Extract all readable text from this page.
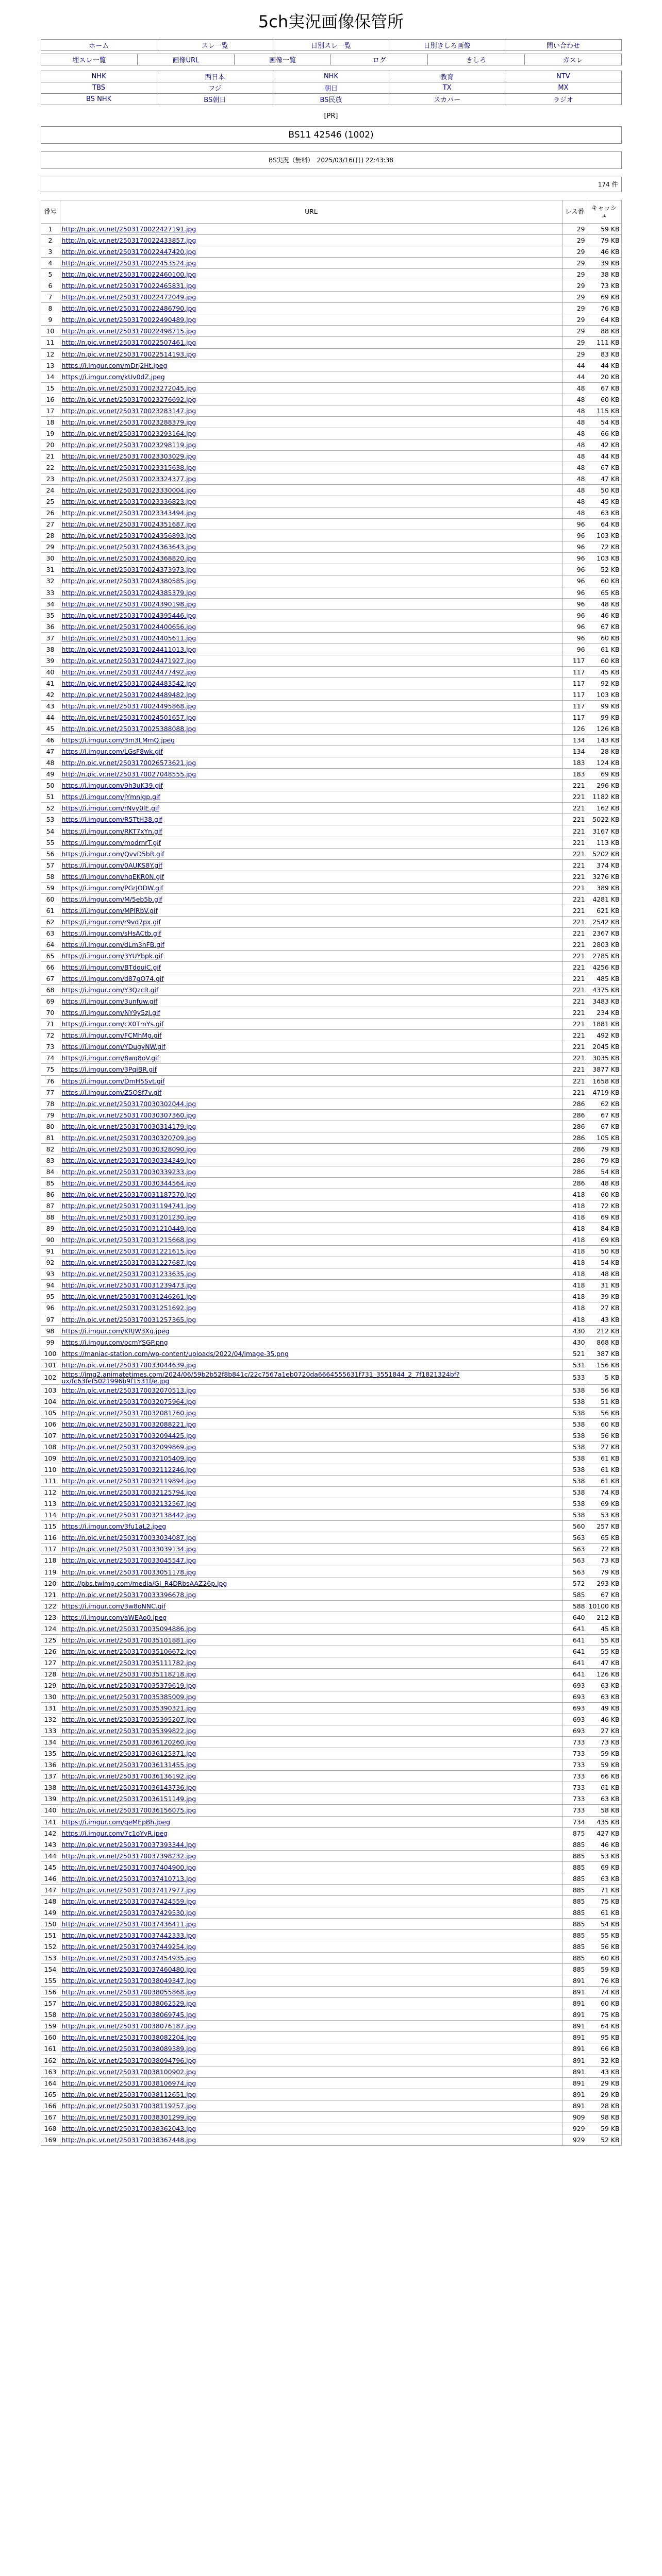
5ch実況画像保管所
ホーム	スレ一覧	日別スレ一覧	日別きしろ画像	問い合わせ
埋スレ一覧	画像URL	画像一覧	ログ	きしろ	ガスレ
NHK	西日本	NHK	教育	NTV
TBS	フジ	朝日	TX	MX
BS NHK	BS朝日	BS民放	スカパー	ラジオ
[PR]
BS11 42546 (1002)
BS実況（無料）　2025/03/16(日) 22:43:38
174 件
番号	URL	レス番	キャッシュ
1	http://n.pic.vr.net/2503170022427191.jpg	29	59 KB
2	http://n.pic.vr.net/2503170022433857.jpg	29	79 KB
3	http://n.pic.vr.net/2503170022447420.jpg	29	46 KB
4	http://n.pic.vr.net/2503170022453524.jpg	29	39 KB
5	http://n.pic.vr.net/2503170022460100.jpg	29	38 KB
6	http://n.pic.vr.net/2503170022465831.jpg	29	73 KB
7	http://n.pic.vr.net/2503170022472049.jpg	29	69 KB
8	http://n.pic.vr.net/2503170022486790.jpg	29	76 KB
9	http://n.pic.vr.net/2503170022490489.jpg	29	64 KB
10	http://n.pic.vr.net/2503170022498715.jpg	29	88 KB
11	http://n.pic.vr.net/2503170022507461.jpg	29	111 KB
12	http://n.pic.vr.net/2503170022514193.jpg	29	83 KB
13	https://i.imgur.com/mDrJ2Ht.jpeg	44	44 KB
14	https://i.imgur.com/kUv0dZ.jpeg	44	20 KB
15	http://n.pic.vr.net/2503170023272045.jpg	48	67 KB
16	http://n.pic.vr.net/2503170023276692.jpg	48	60 KB
17	http://n.pic.vr.net/2503170023283147.jpg	48	115 KB
18	http://n.pic.vr.net/2503170023288379.jpg	48	54 KB
19	http://n.pic.vr.net/2503170023293164.jpg	48	66 KB
20	http://n.pic.vr.net/2503170023298119.jpg	48	42 KB
21	http://n.pic.vr.net/2503170023303029.jpg	48	44 KB
22	http://n.pic.vr.net/2503170023315638.jpg	48	67 KB
23	http://n.pic.vr.net/2503170023324377.jpg	48	47 KB
24	http://n.pic.vr.net/2503170023330004.jpg	48	50 KB
25	http://n.pic.vr.net/2503170023336823.jpg	48	45 KB
26	http://n.pic.vr.net/2503170023343494.jpg	48	63 KB
27	http://n.pic.vr.net/2503170024351687.jpg	96	64 KB
28	http://n.pic.vr.net/2503170024356893.jpg	96	103 KB
29	http://n.pic.vr.net/2503170024363643.jpg	96	72 KB
30	http://n.pic.vr.net/2503170024368820.jpg	96	103 KB
31	http://n.pic.vr.net/2503170024373973.jpg	96	52 KB
32	http://n.pic.vr.net/2503170024380585.jpg	96	60 KB
33	http://n.pic.vr.net/2503170024385379.jpg	96	65 KB
34	http://n.pic.vr.net/2503170024390198.jpg	96	48 KB
35	http://n.pic.vr.net/2503170024395446.jpg	96	46 KB
36	http://n.pic.vr.net/2503170024400656.jpg	96	67 KB
37	http://n.pic.vr.net/2503170024405611.jpg	96	60 KB
38	http://n.pic.vr.net/2503170024411013.jpg	96	61 KB
39	http://n.pic.vr.net/2503170024471927.jpg	117	60 KB
40	http://n.pic.vr.net/2503170024477492.jpg	117	45 KB
41	http://n.pic.vr.net/2503170024483542.jpg	117	92 KB
42	http://n.pic.vr.net/2503170024489482.jpg	117	103 KB
43	http://n.pic.vr.net/2503170024495868.jpg	117	99 KB
44	http://n.pic.vr.net/2503170024501657.jpg	117	99 KB
45	http://n.pic.vr.net/2503170025388088.jpg	126	126 KB
46	https://i.imgur.com/3m3LMmQ.jpeg	134	143 KB
47	https://i.imgur.com/LGsF8wk.gif	134	28 KB
48	http://n.pic.vr.net/2503170026573621.jpg	183	124 KB
49	http://n.pic.vr.net/2503170027048555.jpg	183	69 KB
50	https://i.imgur.com/9h3uK39.gif	221	296 KB
51	https://i.imgur.com/jYmnlgp.gif	221	1182 KB
52	https://i.imgur.com/rNvy0lE.gif	221	162 KB
53	https://i.imgur.com/R5TtH38.gif	221	5022 KB
54	https://i.imgur.com/RKT7xYn.gif	221	3167 KB
55	https://i.imgur.com/modrnrT.gif	221	113 KB
56	https://i.imgur.com/QvvD5bR.gif	221	5202 KB
57	https://i.imgur.com/0AUKS8Y.gif	221	374 KB
58	https://i.imgur.com/hqEKR0N.gif	221	3276 KB
59	https://i.imgur.com/PGrJODW.gif	221	389 KB
60	https://i.imgur.com/M/5eb5b.gif	221	4281 KB
61	https://i.imgur.com/MPIRbV.gif	221	621 KB
62	https://i.imgur.com/r9vd7px.gif	221	2542 KB
63	https://i.imgur.com/sHsACtb.gif	221	2367 KB
64	https://i.imgur.com/dLm3nFB.gif	221	2803 KB
65	https://i.imgur.com/3YUYbpk.gif	221	2785 KB
66	https://i.imgur.com/BTdouiC.gif	221	4256 KB
67	https://i.imgur.com/d87gO74.gif	221	485 KB
68	https://i.imgur.com/Y3QzcR.gif	221	4375 KB
69	https://i.imgur.com/3unfuw.gif	221	3483 KB
70	https://i.imgur.com/NY9y5zJ.gif	221	234 KB
71	https://i.imgur.com/cX0TmYs.gif	221	1881 KB
72	https://i.imgur.com/FCMhMg.gif	221	492 KB
73	https://i.imgur.com/YDugyNW.gif	221	2045 KB
74	https://i.imgur.com/8wq8oV.gif	221	3035 KB
75	https://i.imgur.com/3PqiBR.gif	221	3877 KB
76	https://i.imgur.com/DmH5Svt.gif	221	1658 KB
77	https://i.imgur.com/Z5OSf7v.gif	221	4719 KB
78	http://n.pic.vr.net/2503170030302044.jpg	286	62 KB
79	http://n.pic.vr.net/2503170030307360.jpg	286	67 KB
80	http://n.pic.vr.net/2503170030314179.jpg	286	67 KB
81	http://n.pic.vr.net/2503170030320709.jpg	286	105 KB
82	http://n.pic.vr.net/2503170030328090.jpg	286	79 KB
83	http://n.pic.vr.net/2503170030334349.jpg	286	79 KB
84	http://n.pic.vr.net/2503170030339233.jpg	286	54 KB
85	http://n.pic.vr.net/2503170030344564.jpg	286	48 KB
86	http://n.pic.vr.net/2503170031187570.jpg	418	60 KB
87	http://n.pic.vr.net/2503170031194741.jpg	418	72 KB
88	http://n.pic.vr.net/2503170031201230.jpg	418	69 KB
89	http://n.pic.vr.net/2503170031210449.jpg	418	84 KB
90	http://n.pic.vr.net/2503170031215668.jpg	418	69 KB
91	http://n.pic.vr.net/2503170031221615.jpg	418	50 KB
92	http://n.pic.vr.net/2503170031227687.jpg	418	54 KB
93	http://n.pic.vr.net/2503170031233635.jpg	418	48 KB
94	http://n.pic.vr.net/2503170031239473.jpg	418	31 KB
95	http://n.pic.vr.net/2503170031246261.jpg	418	39 KB
96	http://n.pic.vr.net/2503170031251692.jpg	418	27 KB
97	http://n.pic.vr.net/2503170031257365.jpg	418	43 KB
98	https://i.imgur.com/KRJW3Xq.jpeg	430	212 KB
99	https://i.imgur.com/ocmYSGP.png	430	868 KB
100	https://maniac-station.com/wp-content/uploads/2022/04/image-35.png	521	387 KB
101	http://n.pic.vr.net/2503170033044639.jpg	531	156 KB
102	https://img2.animatetimes.com/2024/06/59b2b52f8b841c/22c7567a1eb0720da6664555631f731_3551844_2_7f1821324bf?ux/fc63fef5021996b9f1531f/e.jpg	533	5 KB
103	http://n.pic.vr.net/2503170032070513.jpg	538	56 KB
104	http://n.pic.vr.net/2503170032075964.jpg	538	51 KB
105	http://n.pic.vr.net/2503170032081760.jpg	538	56 KB
106	http://n.pic.vr.net/2503170032088221.jpg	538	60 KB
107	http://n.pic.vr.net/2503170032094425.jpg	538	56 KB
108	http://n.pic.vr.net/2503170032099869.jpg	538	27 KB
109	http://n.pic.vr.net/2503170032105409.jpg	538	61 KB
110	http://n.pic.vr.net/2503170032112246.jpg	538	61 KB
111	http://n.pic.vr.net/2503170032119894.jpg	538	61 KB
112	http://n.pic.vr.net/2503170032125794.jpg	538	74 KB
113	http://n.pic.vr.net/2503170032132567.jpg	538	69 KB
114	http://n.pic.vr.net/2503170032138442.jpg	538	53 KB
115	https://i.imgur.com/3fu1aL2.jpeg	560	257 KB
116	http://n.pic.vr.net/2503170033034087.jpg	563	65 KB
117	http://n.pic.vr.net/2503170033039134.jpg	563	72 KB
118	http://n.pic.vr.net/2503170033045547.jpg	563	73 KB
119	http://n.pic.vr.net/2503170033051178.jpg	563	79 KB
120	http://pbs.twimg.com/media/GI_R4DRbsAAZ26p.jpg	572	293 KB
121	http://n.pic.vr.net/2503170033396678.jpg	585	67 KB
122	https://i.imgur.com/3w8oNNC.gif	588	10100 KB
123	https://i.imgur.com/aWEAo0.jpeg	640	212 KB
124	http://n.pic.vr.net/2503170035094886.jpg	641	45 KB
125	http://n.pic.vr.net/2503170035101881.jpg	641	55 KB
126	http://n.pic.vr.net/2503170035106672.jpg	641	55 KB
127	http://n.pic.vr.net/2503170035111782.jpg	641	47 KB
128	http://n.pic.vr.net/2503170035118218.jpg	641	126 KB
129	http://n.pic.vr.net/2503170035379619.jpg	693	63 KB
130	http://n.pic.vr.net/2503170035385009.jpg	693	63 KB
131	http://n.pic.vr.net/2503170035390321.jpg	693	49 KB
132	http://n.pic.vr.net/2503170035395207.jpg	693	46 KB
133	http://n.pic.vr.net/2503170035399822.jpg	693	27 KB
134	http://n.pic.vr.net/2503170036120260.jpg	733	73 KB
135	http://n.pic.vr.net/2503170036125371.jpg	733	59 KB
136	http://n.pic.vr.net/2503170036131455.jpg	733	59 KB
137	http://n.pic.vr.net/2503170036136192.jpg	733	66 KB
138	http://n.pic.vr.net/2503170036143736.jpg	733	61 KB
139	http://n.pic.vr.net/2503170036151149.jpg	733	63 KB
140	http://n.pic.vr.net/2503170036156075.jpg	733	58 KB
141	https://i.imgur.com/qeMEpBh.jpeg	734	435 KB
142	https://i.imgur.com/7c1oYyR.jpeg	875	427 KB
143	http://n.pic.vr.net/2503170037393344.jpg	885	46 KB
144	http://n.pic.vr.net/2503170037398232.jpg	885	53 KB
145	http://n.pic.vr.net/2503170037404900.jpg	885	69 KB
146	http://n.pic.vr.net/2503170037410713.jpg	885	63 KB
147	http://n.pic.vr.net/2503170037417977.jpg	885	71 KB
148	http://n.pic.vr.net/2503170037424559.jpg	885	75 KB
149	http://n.pic.vr.net/2503170037429530.jpg	885	61 KB
150	http://n.pic.vr.net/2503170037436411.jpg	885	54 KB
151	http://n.pic.vr.net/2503170037442333.jpg	885	55 KB
152	http://n.pic.vr.net/2503170037449254.jpg	885	56 KB
153	http://n.pic.vr.net/2503170037454935.jpg	885	60 KB
154	http://n.pic.vr.net/2503170037460480.jpg	885	59 KB
155	http://n.pic.vr.net/2503170038049347.jpg	891	76 KB
156	http://n.pic.vr.net/2503170038055868.jpg	891	74 KB
157	http://n.pic.vr.net/2503170038062529.jpg	891	60 KB
158	http://n.pic.vr.net/2503170038069745.jpg	891	75 KB
159	http://n.pic.vr.net/2503170038076187.jpg	891	64 KB
160	http://n.pic.vr.net/2503170038082204.jpg	891	95 KB
161	http://n.pic.vr.net/2503170038089389.jpg	891	66 KB
162	http://n.pic.vr.net/2503170038094796.jpg	891	32 KB
163	http://n.pic.vr.net/2503170038100902.jpg	891	43 KB
164	http://n.pic.vr.net/2503170038106974.jpg	891	29 KB
165	http://n.pic.vr.net/2503170038112651.jpg	891	29 KB
166	http://n.pic.vr.net/2503170038119257.jpg	891	28 KB
167	http://n.pic.vr.net/2503170038301299.jpg	909	98 KB
168	http://n.pic.vr.net/2503170038362043.jpg	929	59 KB
169	http://n.pic.vr.net/2503170038367448.jpg	929	52 KB
